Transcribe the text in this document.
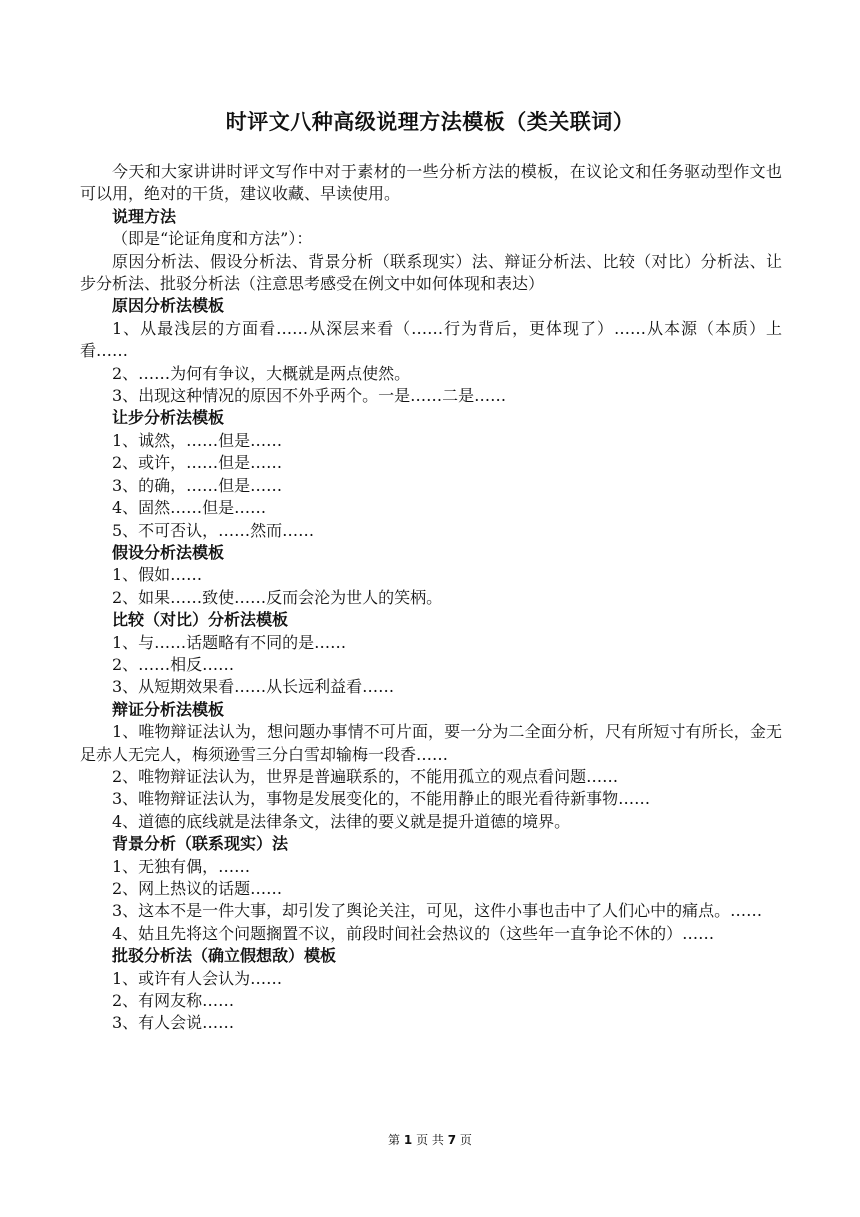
时评文八种高级说理方法模板（类关联词）

今天和大家讲讲时评文写作中对于素材的一些分析方法的模板，在议论文和任务驱动型作文也可以用，绝对的干货，建议收藏、早读使用。

说理方法

（即是“论证角度和方法”）：

原因分析法、假设分析法、背景分析（联系现实）法、辩证分析法、比较（对比）分析法、让步分析法、批驳分析法（注意思考感受在例文中如何体现和表达）

原因分析法模板

1、从最浅层的方面看……从深层来看（……行为背后，更体现了）……从本源（本质）上看……

2、……为何有争议，大概就是两点使然。

3、出现这种情况的原因不外乎两个。一是……二是……

让步分析法模板

1、诚然，……但是……

2、或许，……但是……

3、的确，……但是……

4、固然……但是……

5、不可否认，……然而……

假设分析法模板

1、假如……

2、如果……致使……反而会沦为世人的笑柄。

比较（对比）分析法模板

1、与……话题略有不同的是……

2、……相反……

3、从短期效果看……从长远利益看……

辩证分析法模板

1、唯物辩证法认为，想问题办事情不可片面，要一分为二全面分析，尺有所短寸有所长，金无足赤人无完人，梅须逊雪三分白雪却输梅一段香……

2、唯物辩证法认为，世界是普遍联系的，不能用孤立的观点看问题……

3、唯物辩证法认为，事物是发展变化的，不能用静止的眼光看待新事物……

4、道德的底线就是法律条文，法律的要义就是提升道德的境界。

背景分析（联系现实）法

1、无独有偶，……

2、网上热议的话题……

3、这本不是一件大事，却引发了舆论关注，可见，这件小事也击中了人们心中的痛点。……

4、姑且先将这个问题搁置不议，前段时间社会热议的（这些年一直争论不休的）……

批驳分析法（确立假想敌）模板

1、或许有人会认为……

2、有网友称……

3、有人会说……

第 1 页 共 7 页
